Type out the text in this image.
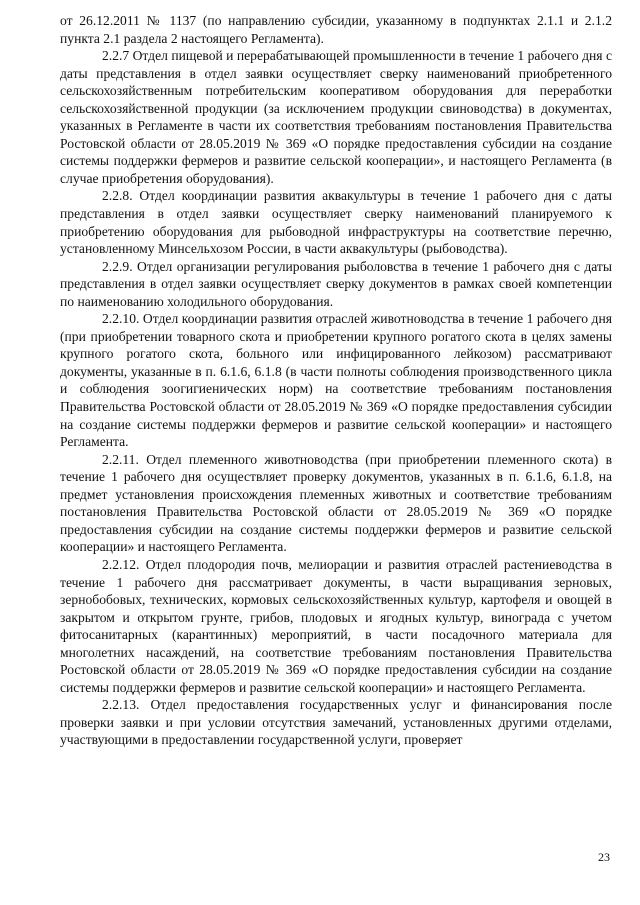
от 26.12.2011 № 1137 (по направлению субсидии, указанному в подпунктах 2.1.1 и 2.1.2 пункта 2.1 раздела 2 настоящего Регламента).

2.2.7 Отдел пищевой и перерабатывающей промышленности в течение 1 рабочего дня с даты представления в отдел заявки осуществляет сверку наименований приобретенного сельскохозяйственным потребительским кооперативом оборудования для переработки сельскохозяйственной продукции (за исключением продукции свиноводства) в документах, указанных в Регламенте в части их соответствия требованиям постановления Правительства Ростовской области от 28.05.2019 № 369 «О порядке предоставления субсидии на создание системы поддержки фермеров и развитие сельской кооперации», и настоящего Регламента (в случае приобретения оборудования).

2.2.8. Отдел координации развития аквакультуры в течение 1 рабочего дня с даты представления в отдел заявки осуществляет сверку наименований планируемого к приобретению оборудования для рыбоводной инфраструктуры на соответствие перечню, установленному Минсельхозом России, в части аквакультуры (рыбоводства).

2.2.9. Отдел организации регулирования рыболовства в течение 1 рабочего дня с даты представления в отдел заявки осуществляет сверку документов в рамках своей компетенции по наименованию холодильного оборудования.

2.2.10. Отдел координации развития отраслей животноводства в течение 1 рабочего дня (при приобретении товарного скота и приобретении крупного рогатого скота в целях замены крупного рогатого скота, больного или инфицированного лейкозом) рассматривают документы, указанные в п. 6.1.6, 6.1.8 (в части полноты соблюдения производственного цикла и соблюдения зоогигиенических норм) на соответствие требованиям постановления Правительства Ростовской области от 28.05.2019 № 369 «О порядке предоставления субсидии на создание системы поддержки фермеров и развитие сельской кооперации» и настоящего Регламента.

2.2.11. Отдел племенного животноводства (при приобретении племенного скота) в течение 1 рабочего дня осуществляет проверку документов, указанных в п. 6.1.6, 6.1.8, на предмет установления происхождения племенных животных и соответствие требованиям постановления Правительства Ростовской области от 28.05.2019 № 369 «О порядке предоставления субсидии на создание системы поддержки фермеров и развитие сельской кооперации» и настоящего Регламента.

2.2.12. Отдел плодородия почв, мелиорации и развития отраслей растениеводства в течение 1 рабочего дня рассматривает документы, в части выращивания зерновых, зернобобовых, технических, кормовых сельскохозяйственных культур, картофеля и овощей в закрытом и открытом грунте, грибов, плодовых и ягодных культур, винограда с учетом фитосанитарных (карантинных) мероприятий, в части посадочного материала для многолетних насаждений, на соответствие требованиям постановления Правительства Ростовской области от 28.05.2019 № 369 «О порядке предоставления субсидии на создание системы поддержки фермеров и развитие сельской кооперации» и настоящего Регламента.

2.2.13. Отдел предоставления государственных услуг и финансирования после проверки заявки и при условии отсутствия замечаний, установленных другими отделами, участвующими в предоставлении государственной услуги, проверяет

23
